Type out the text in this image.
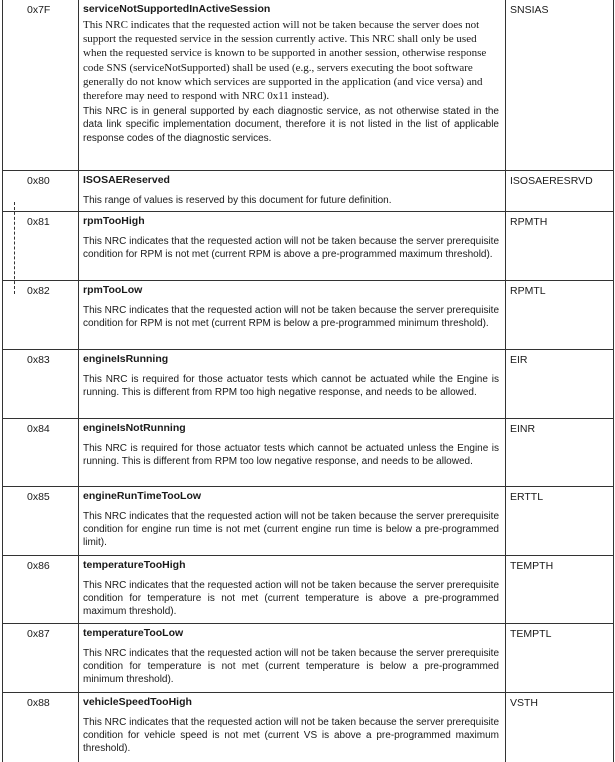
0x7F	serviceNotSupportedInActiveSession

This NRC indicates that the requested action will not be taken because the server does not support the requested service in the session currently active. This NRC shall only be used when the requested service is known to be supported in another session, otherwise response code SNS (serviceNotSupported) shall be used (e.g., servers executing the boot software generally do not know which services are supported in the application (and vice versa) and therefore may need to respond with NRC 0x11 instead).

This NRC is in general supported by each diagnostic service, as not otherwise stated in the data link specific implementation document, therefore it is not listed in the list of applicable response codes of the diagnostic services.	SNSIAS
0x80	ISOSAEReserved

This range of values is reserved by this document for future definition.	ISOSAERESRVD
0x81	rpmTooHigh

This NRC indicates that the requested action will not be taken because the server prerequisite condition for RPM is not met (current RPM is above a pre-programmed maximum threshold).	RPMTH
0x82	rpmTooLow

This NRC indicates that the requested action will not be taken because the server prerequisite condition for RPM is not met (current RPM is below a pre-programmed minimum threshold).	RPMTL
0x83	engineIsRunning

This NRC is required for those actuator tests which cannot be actuated while the Engine is running. This is different from RPM too high negative response, and needs to be allowed.	EIR
0x84	engineIsNotRunning

This NRC is required for those actuator tests which cannot be actuated unless the Engine is running. This is different from RPM too low negative response, and needs to be allowed.	EINR
0x85	engineRunTimeTooLow

This NRC indicates that the requested action will not be taken because the server prerequisite condition for engine run time is not met (current engine run time is below a pre-programmed limit).	ERTTL
0x86	temperatureTooHigh

This NRC indicates that the requested action will not be taken because the server prerequisite condition for temperature is not met (current temperature is above a pre-programmed maximum threshold).	TEMPTH
0x87	temperatureTooLow

This NRC indicates that the requested action will not be taken because the server prerequisite condition for temperature is not met (current temperature is below a pre-programmed minimum threshold).	TEMPTL
0x88	vehicleSpeedTooHigh

This NRC indicates that the requested action will not be taken because the server prerequisite condition for vehicle speed is not met (current VS is above a pre-programmed maximum threshold).	VSTH
